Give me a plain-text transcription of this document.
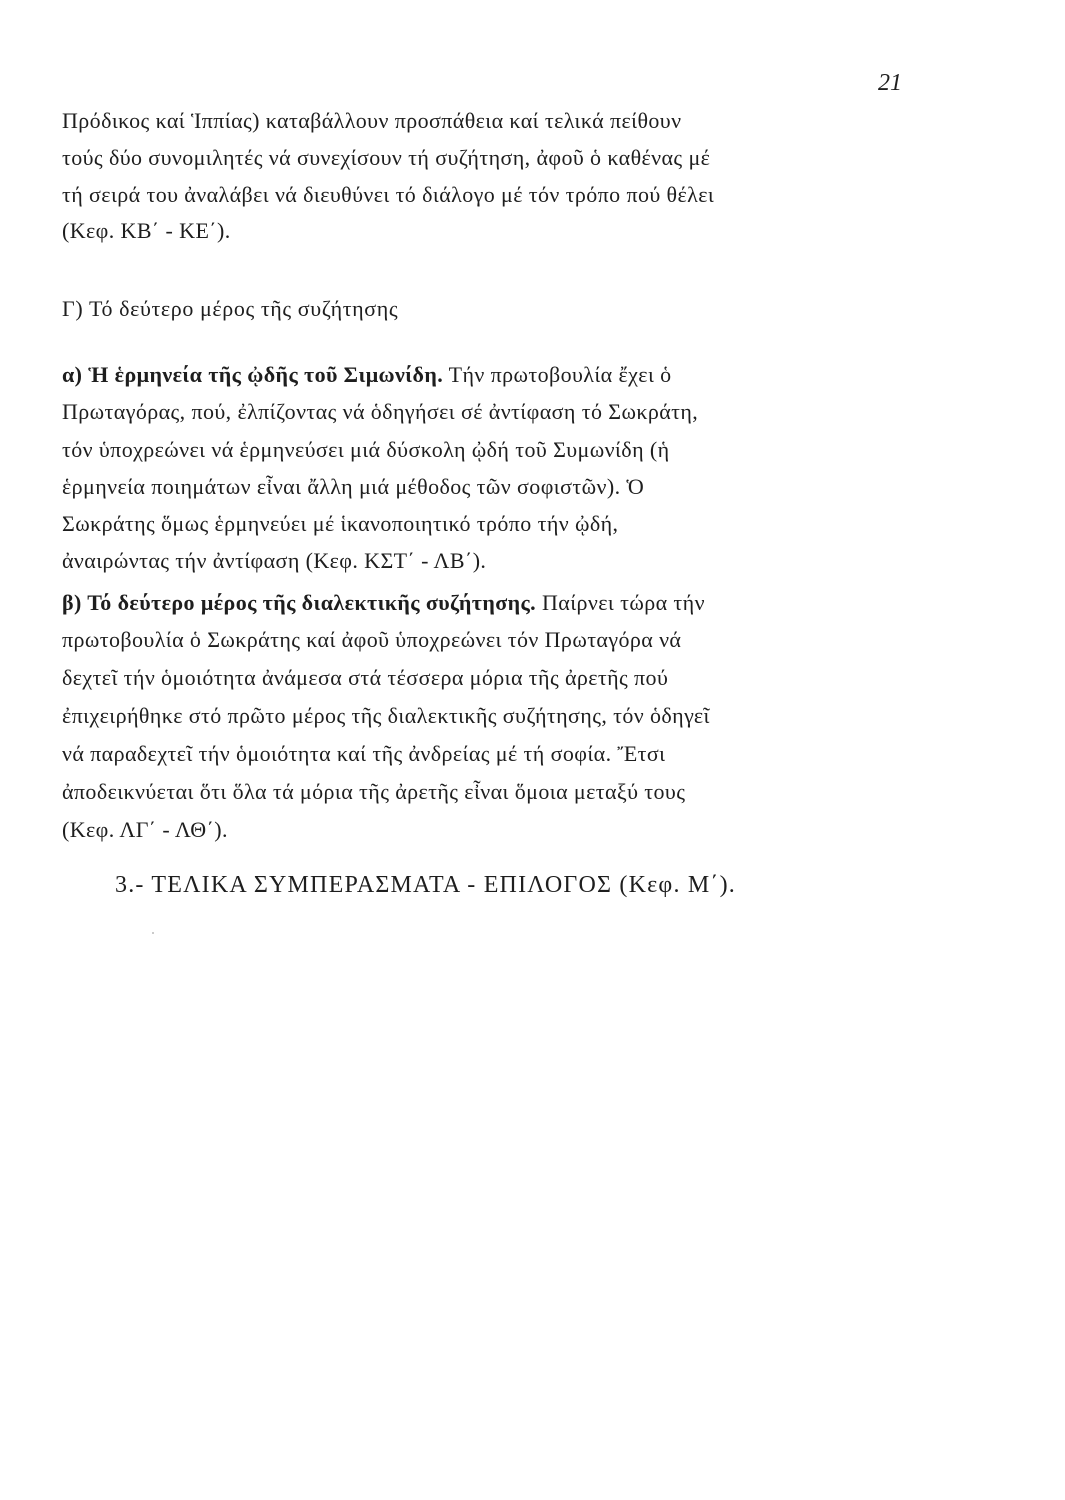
21
Πρόδικος καί Ἱππίας) καταβάλλουν προσπάθεια καί τελικά πείθουν
τούς δύο συνομιλητές νά συνεχίσουν τή συζήτηση, ἀφοῦ ὁ καθένας μέ
τή σειρά του ἀναλάβει νά διευθύνει τό διάλογο μέ τόν τρόπο πού θέλει
(Κεφ. ΚΒ΄ - ΚΕ΄).
Γ) Τό δεύτερο μέρος τῆς συζήτησης
α) Ἡ ἑρμηνεία τῆς ᾠδῆς τοῦ Σιμωνίδη. Τήν πρωτοβουλία ἔχει ὁ
Πρωταγόρας, πού, ἐλπίζοντας νά ὁδηγήσει σέ ἀντίφαση τό Σωκράτη,
τόν ὑποχρεώνει νά ἑρμηνεύσει μιά δύσκολη ᾠδή τοῦ Συμωνίδη (ἡ
ἑρμηνεία ποιημάτων εἶναι ἄλλη μιά μέθοδος τῶν σοφιστῶν). Ὁ
Σωκράτης ὅμως ἑρμηνεύει μέ ἱκανοποιητικό τρόπο τήν ᾠδή,
ἀναιρώντας τήν ἀντίφαση (Κεφ. ΚΣΤ΄ - ΛΒ΄).
β) Τό δεύτερο μέρος τῆς διαλεκτικῆς συζήτησης. Παίρνει τώρα τήν
πρωτοβουλία ὁ Σωκράτης καί ἀφοῦ ὑποχρεώνει τόν Πρωταγόρα νά
δεχτεῖ τήν ὁμοιότητα ἀνάμεσα στά τέσσερα μόρια τῆς ἀρετῆς πού
ἐπιχειρήθηκε στό πρῶτο μέρος τῆς διαλεκτικῆς συζήτησης, τόν ὁδηγεῖ
νά παραδεχτεῖ τήν ὁμοιότητα καί τῆς ἀνδρείας μέ τή σοφία. Ἔτσι
ἀποδεικνύεται ὅτι ὅλα τά μόρια τῆς ἀρετῆς εἶναι ὅμοια μεταξύ τους
(Κεφ. ΛΓ΄ - ΛΘ΄).
3.- ΤΕΛΙΚΑ ΣΥΜΠΕΡΑΣΜΑΤΑ - ΕΠΙΛΟΓΟΣ (Κεφ. Μ΄).
